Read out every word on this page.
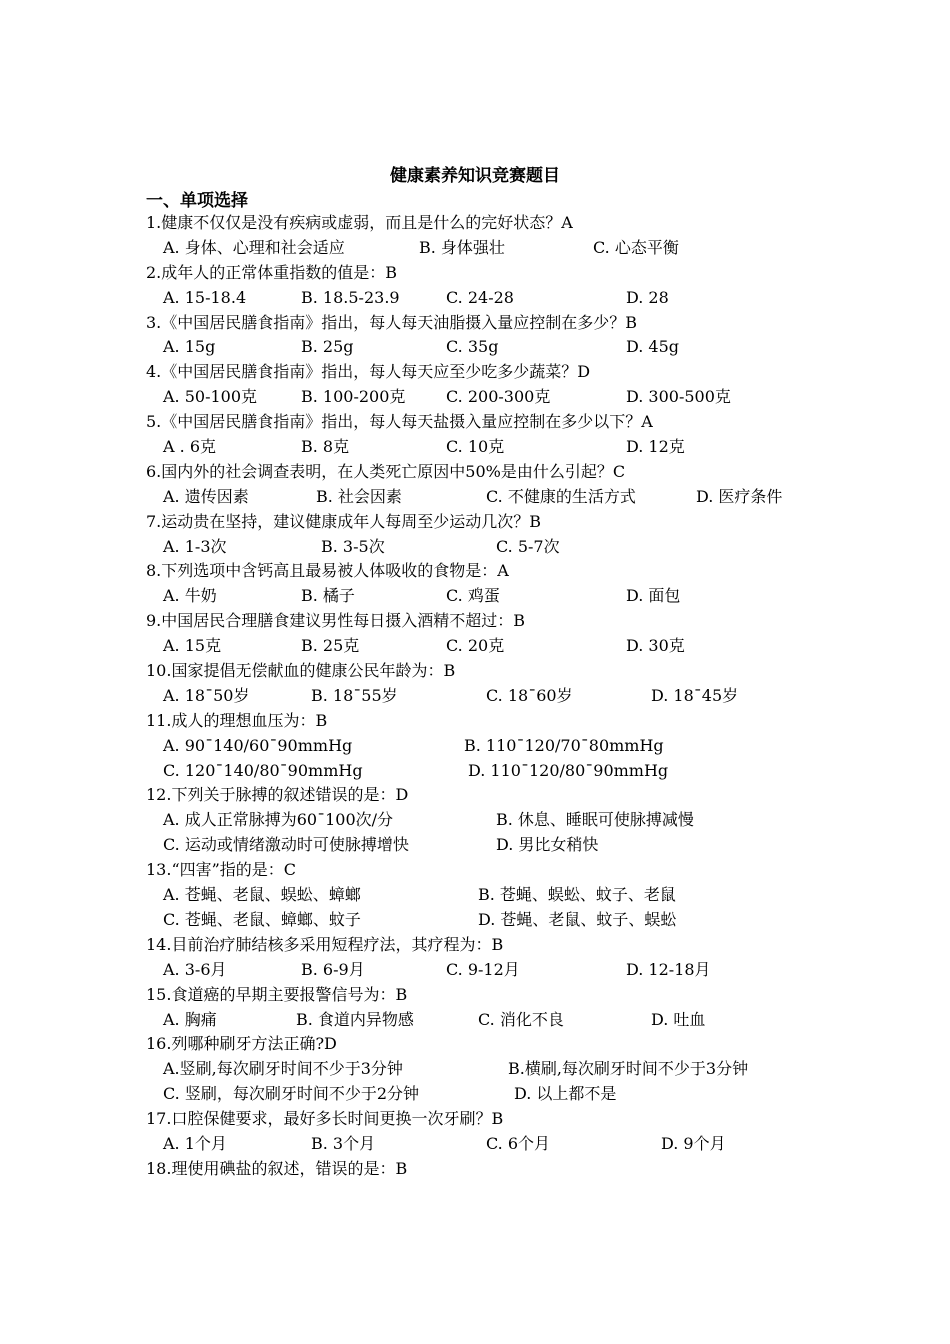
健康素养知识竞赛题目
一、单项选择
1.健康不仅仅是没有疾病或虚弱，而且是什么的完好状态？A
A. 身体、心理和社会适应	B. 身体强壮	C. 心态平衡
2.成年人的正常体重指数的值是：B
A. 15-18.4	B. 18.5-23.9	C. 24-28	D. 28
3.《中国居民膳食指南》指出，每人每天油脂摄入量应控制在多少？B
A. 15g	B. 25g	C. 35g	D. 45g
4.《中国居民膳食指南》指出，每人每天应至少吃多少蔬菜？D
A. 50-100克	B. 100-200克	C. 200-300克	D. 300-500克
5.《中国居民膳食指南》指出，每人每天盐摄入量应控制在多少以下？A
A . 6克	B. 8克	C. 10克	D. 12克
6.国内外的社会调查表明，在人类死亡原因中50%是由什么引起？C
A. 遗传因素	B. 社会因素	C. 不健康的生活方式	D. 医疗条件
7.运动贵在坚持，建议健康成年人每周至少运动几次？B
A. 1-3次	B. 3-5次	C. 5-7次
8.下列选项中含钙高且最易被人体吸收的食物是：A
A. 牛奶	B. 橘子	C. 鸡蛋	D. 面包
9.中国居民合理膳食建议男性每日摄入酒精不超过：B
A. 15克	B. 25克	C. 20克	D. 30克
10.国家提倡无偿献血的健康公民年龄为：B
A. 18¯50岁	B. 18¯55岁	C. 18¯60岁	D. 18¯45岁
11.成人的理想血压为：B
A. 90¯140/60¯90mmHg	B. 110¯120/70¯80mmHg
C. 120¯140/80¯90mmHg	D. 110¯120/80¯90mmHg
12.下列关于脉搏的叙述错误的是：D
A. 成人正常脉搏为60¯100次/分	B. 休息、睡眠可使脉搏减慢
C. 运动或情绪激动时可使脉搏增快	D. 男比女稍快
13.“四害”指的是：C
A. 苍蝇、老鼠、蜈蚣、蟑螂	B. 苍蝇、蜈蚣、蚊子、老鼠
C. 苍蝇、老鼠、蟑螂、蚊子	D. 苍蝇、老鼠、蚊子、蜈蚣
14.目前治疗肺结核多采用短程疗法，其疗程为：B
A. 3-6月	B. 6-9月	C. 9-12月	D. 12-18月
15.食道癌的早期主要报警信号为：B
A. 胸痛	B. 食道内异物感	C. 消化不良	D. 吐血
16.列哪种刷牙方法正确?D
A.竖刷,每次刷牙时间不少于3分钟	B.横刷,每次刷牙时间不少于3分钟
C. 竖刷，每次刷牙时间不少于2分钟	D. 以上都不是
17.口腔保健要求，最好多长时间更换一次牙刷？B
A. 1个月	B. 3个月	C. 6个月	D. 9个月
18.理使用碘盐的叙述，错误的是：B
